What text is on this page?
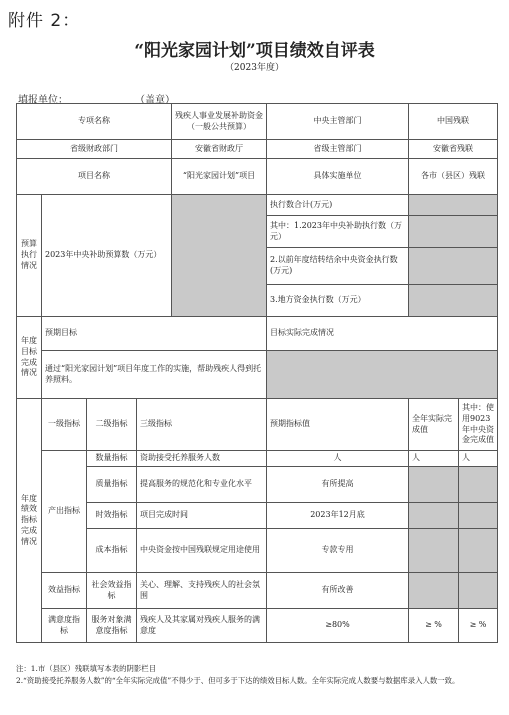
附件 2：
“阳光家园计划”项目绩效自评表
（2023年度）
填报单位：	（盖章）
专项名称				残疾人事业发展补助资金（一般公共预算）	中央主管部门	中国残联	
省级财政部门				安徽省财政厅	省级主管部门	安徽省残联	
项目名称				“阳光家园计划”项目	具体实施单位	各市（县区）残联	
预算执行情况	2023年中央补助预算数（万元）				执行数合计(万元)		
					其中：1.2023年中央补助执行数（万元）		
					2.以前年度结转结余中央资金执行数(万元)		
					3.地方资金执行数（万元）		
年度目标完成情况	预期目标				目标实际完成情况		
	通过“阳光家园计划”项目年度工作的实施，帮助残疾人得到托养照料。						
年度绩效指标完成情况	一级指标	二级指标	三级指标		预期指标值	全年实际完成值	其中：使用9023年中央资金完成值
	产出指标	数量指标	资助接受托养服务人数		人	人	人
		质量指标	提高服务的规范化和专业化水平		有所提高		
		时效指标	项目完成时间		2023年12月底		
		成本指标	中央资金按中国残联规定用途使用		专款专用		
	效益指标	社会效益指标	关心、理解、支持残疾人的社会氛围		有所改善		
	满意度指标	服务对象满意度指标	残疾人及其家属对残疾人服务的满意度		≥80%	≥ %	≥ %
注：1.市（县区）残联填写本表的阴影栏目
2.“资助接受托养服务人数”的“全年实际完成值”不得少于、但可多于下达的绩效目标人数。全年实际完成人数要与数据库录入人数一致。
